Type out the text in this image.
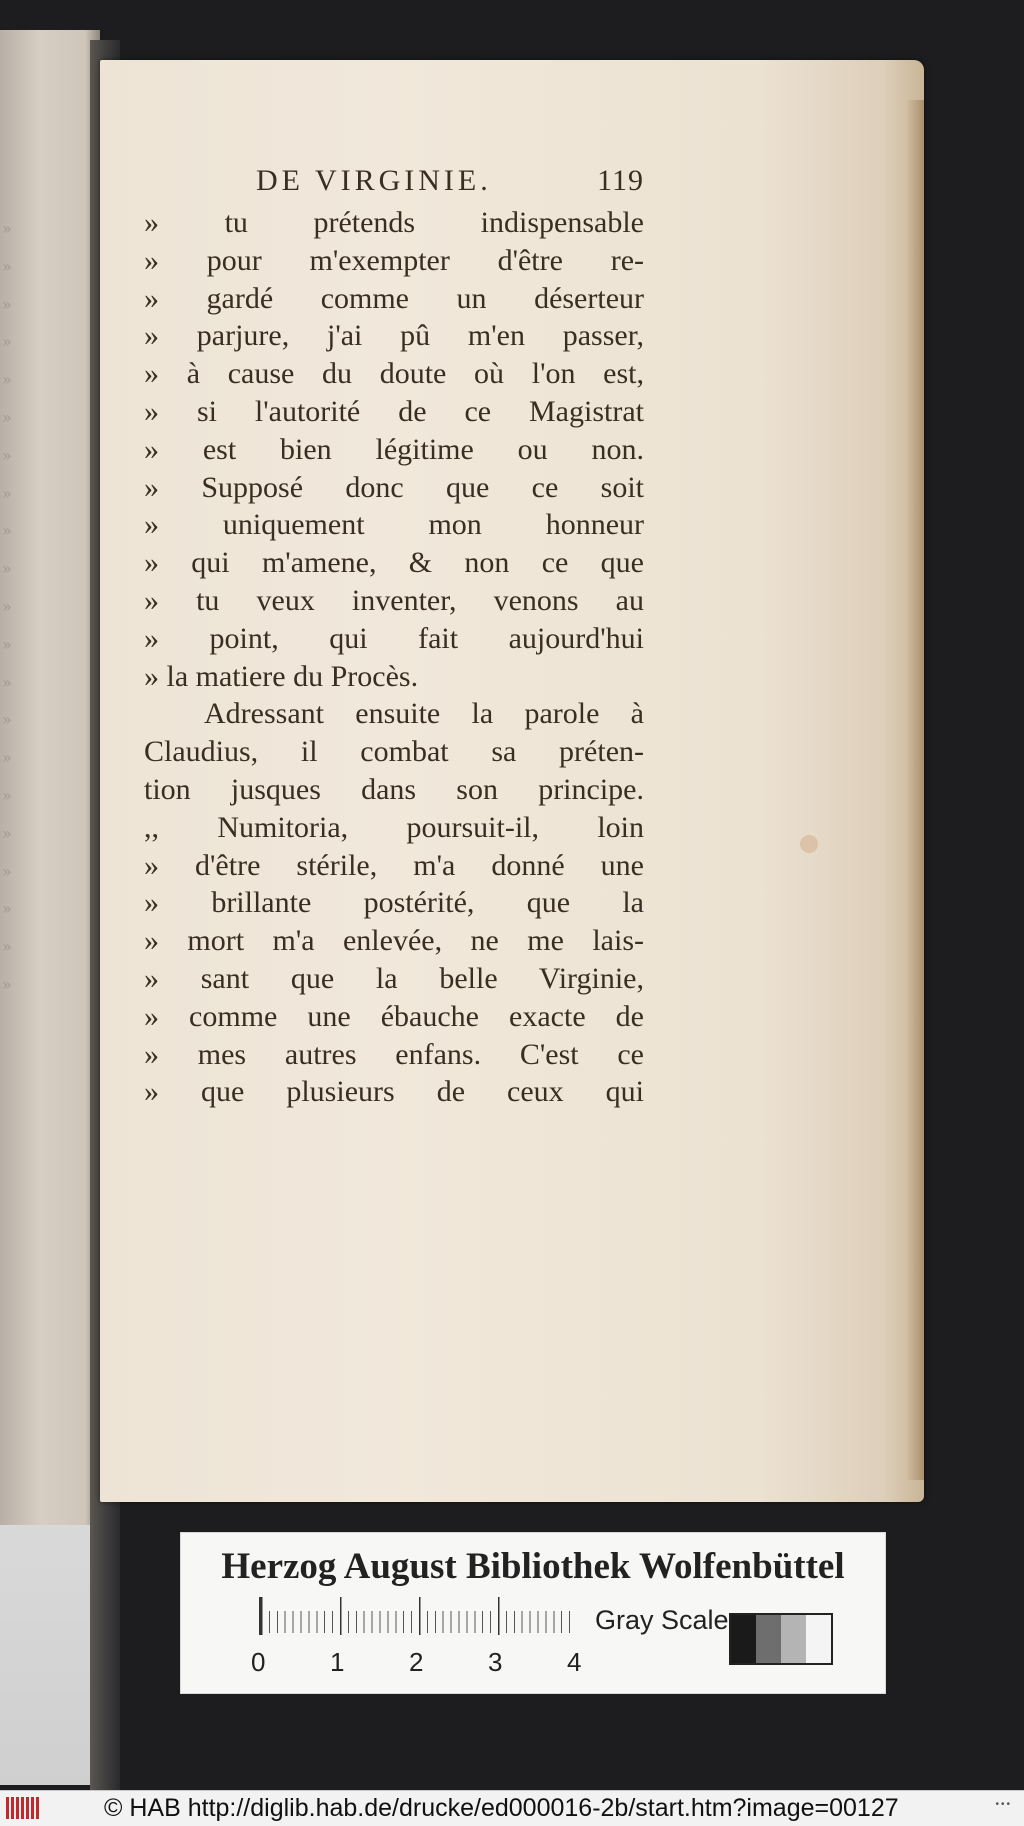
»
»
»
»
»
»
»
»
»
»
»
»
»
»
»
»
»
»
»
»
»
DE VIRGINIE.	119
» tu prétends indispensable
» pour m'exempter d'être re-
» gardé comme un déserteur
» parjure, j'ai pû m'en passer,
» à cause du doute où l'on est,
» si l'autorité de ce Magistrat
» est bien légitime ou non.
» Supposé donc que ce soit
» uniquement mon honneur
» qui m'amene, & non ce que
» tu veux inventer, venons au
» point, qui fait aujourd'hui
» la matiere du Procès.
Adressant ensuite la parole à
Claudius, il combat sa préten-
tion jusques dans son principe.
,, Numitoria, poursuit-il, loin
» d'être stérile, m'a donné une
» brillante postérité, que la
» mort m'a enlevée, ne me lais-
» sant que la belle Virginie,
» comme une ébauche exacte de
» mes autres enfans. C'est ce
» que plusieurs de ceux qui
Herzog August Bibliothek Wolfenbüttel
0 1 2 3 4
Gray Scale
© HAB http://diglib.hab.de/drucke/ed000016-2b/start.htm?image=00127	•••
